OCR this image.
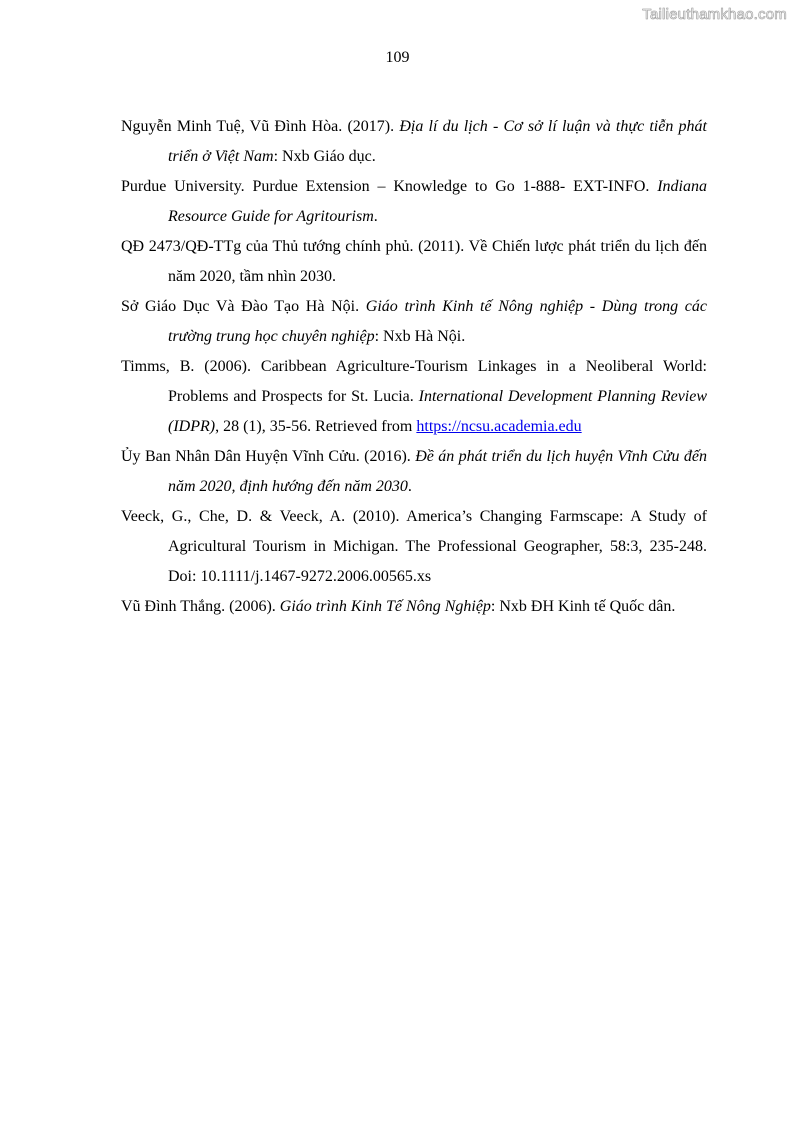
Tailieuthamkhao.com
109

Nguyễn Minh Tuệ, Vũ Đình Hòa. (2017). Địa lí du lịch - Cơ sở lí luận và thực tiễn phát triển ở Việt Nam: Nxb Giáo dục.

Purdue University. Purdue Extension – Knowledge to Go 1-888- EXT-INFO. Indiana Resource Guide for Agritourism.

QĐ 2473/QĐ-TTg của Thủ tướng chính phủ. (2011). Về Chiến lược phát triển du lịch đến năm 2020, tầm nhìn 2030.

Sở Giáo Dục Và Đào Tạo Hà Nội. Giáo trình Kinh tế Nông nghiệp - Dùng trong các trường trung học chuyên nghiệp: Nxb Hà Nội.

Timms, B. (2006). Caribbean Agriculture-Tourism Linkages in a Neoliberal World: Problems and Prospects for St. Lucia. International Development Planning Review (IDPR), 28 (1), 35-56. Retrieved from https://ncsu.academia.edu

Ủy Ban Nhân Dân Huyện Vĩnh Cửu. (2016). Đề án phát triển du lịch huyện Vĩnh Cửu đến năm 2020, định hướng đến năm 2030.

Veeck, G., Che, D. & Veeck, A. (2010). America’s Changing Farmscape: A Study of Agricultural Tourism in Michigan. The Professional Geographer, 58:3, 235-248. Doi: 10.1111/j.1467-9272.2006.00565.xs

Vũ Đình Thắng. (2006). Giáo trình Kinh Tế Nông Nghiệp: Nxb ĐH Kinh tế Quốc dân.
